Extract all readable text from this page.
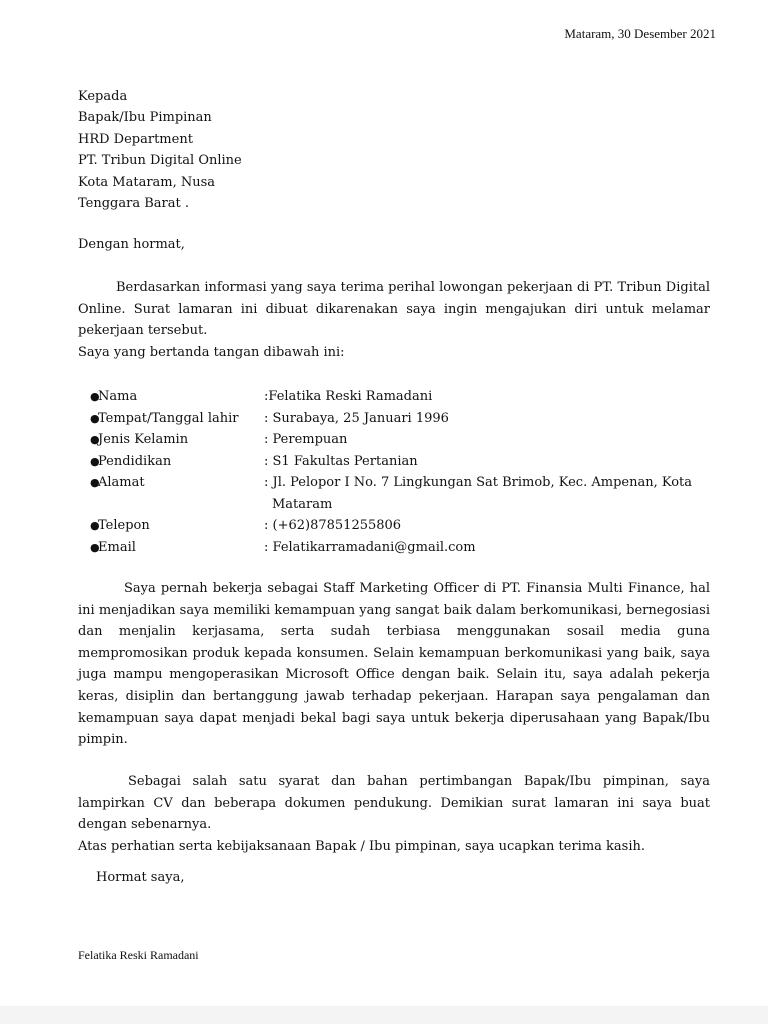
Mataram, 30 Desember 2021
Kepada
Bapak/Ibu Pimpinan
HRD Department
PT. Tribun Digital Online
Kota Mataram, Nusa
Tenggara Barat .
Dengan hormat,
Berdasarkan informasi yang saya terima perihal lowongan pekerjaan di PT. Tribun Digital Online. Surat lamaran ini dibuat dikarenakan saya ingin mengajukan diri untuk melamar pekerjaan tersebut.
Saya yang bertanda tangan dibawah ini:
●
Nama	:Felatika Reski Ramadani
●
Tempat/Tanggal lahir : Surabaya, 25 Januari 1996
●
Jenis Kelamin	: Perempuan
●
Pendidikan	: S1 Fakultas Pertanian
●
Alamat	: Jl. Pelopor I No. 7 Lingkungan Sat Brimob, Kec. Ampenan, Kota Mataram
●
Telepon	: (+62)87851255806
●
Email	: Felatikarramadani@gmail.com
Saya pernah bekerja sebagai Staff Marketing Officer di PT. Finansia Multi Finance, hal ini menjadikan saya memiliki kemampuan yang sangat baik dalam berkomunikasi, bernegosiasi dan menjalin kerjasama, serta sudah terbiasa menggunakan sosail media guna mempromosikan produk kepada konsumen. Selain kemampuan berkomunikasi yang baik, saya juga mampu mengoperasikan Microsoft Office dengan baik. Selain itu, saya adalah pekerja keras, disiplin dan bertanggung jawab terhadap pekerjaan. Harapan saya pengalaman dan kemampuan saya dapat menjadi bekal bagi saya untuk bekerja diperusahaan yang Bapak/Ibu pimpin.
Sebagai salah satu syarat dan bahan pertimbangan Bapak/Ibu pimpinan, saya lampirkan CV dan beberapa dokumen pendukung. Demikian surat lamaran ini saya buat dengan sebenarnya.
Atas perhatian serta kebijaksanaan Bapak / Ibu pimpinan, saya ucapkan terima kasih.
Hormat saya,
Felatika Reski Ramadani
